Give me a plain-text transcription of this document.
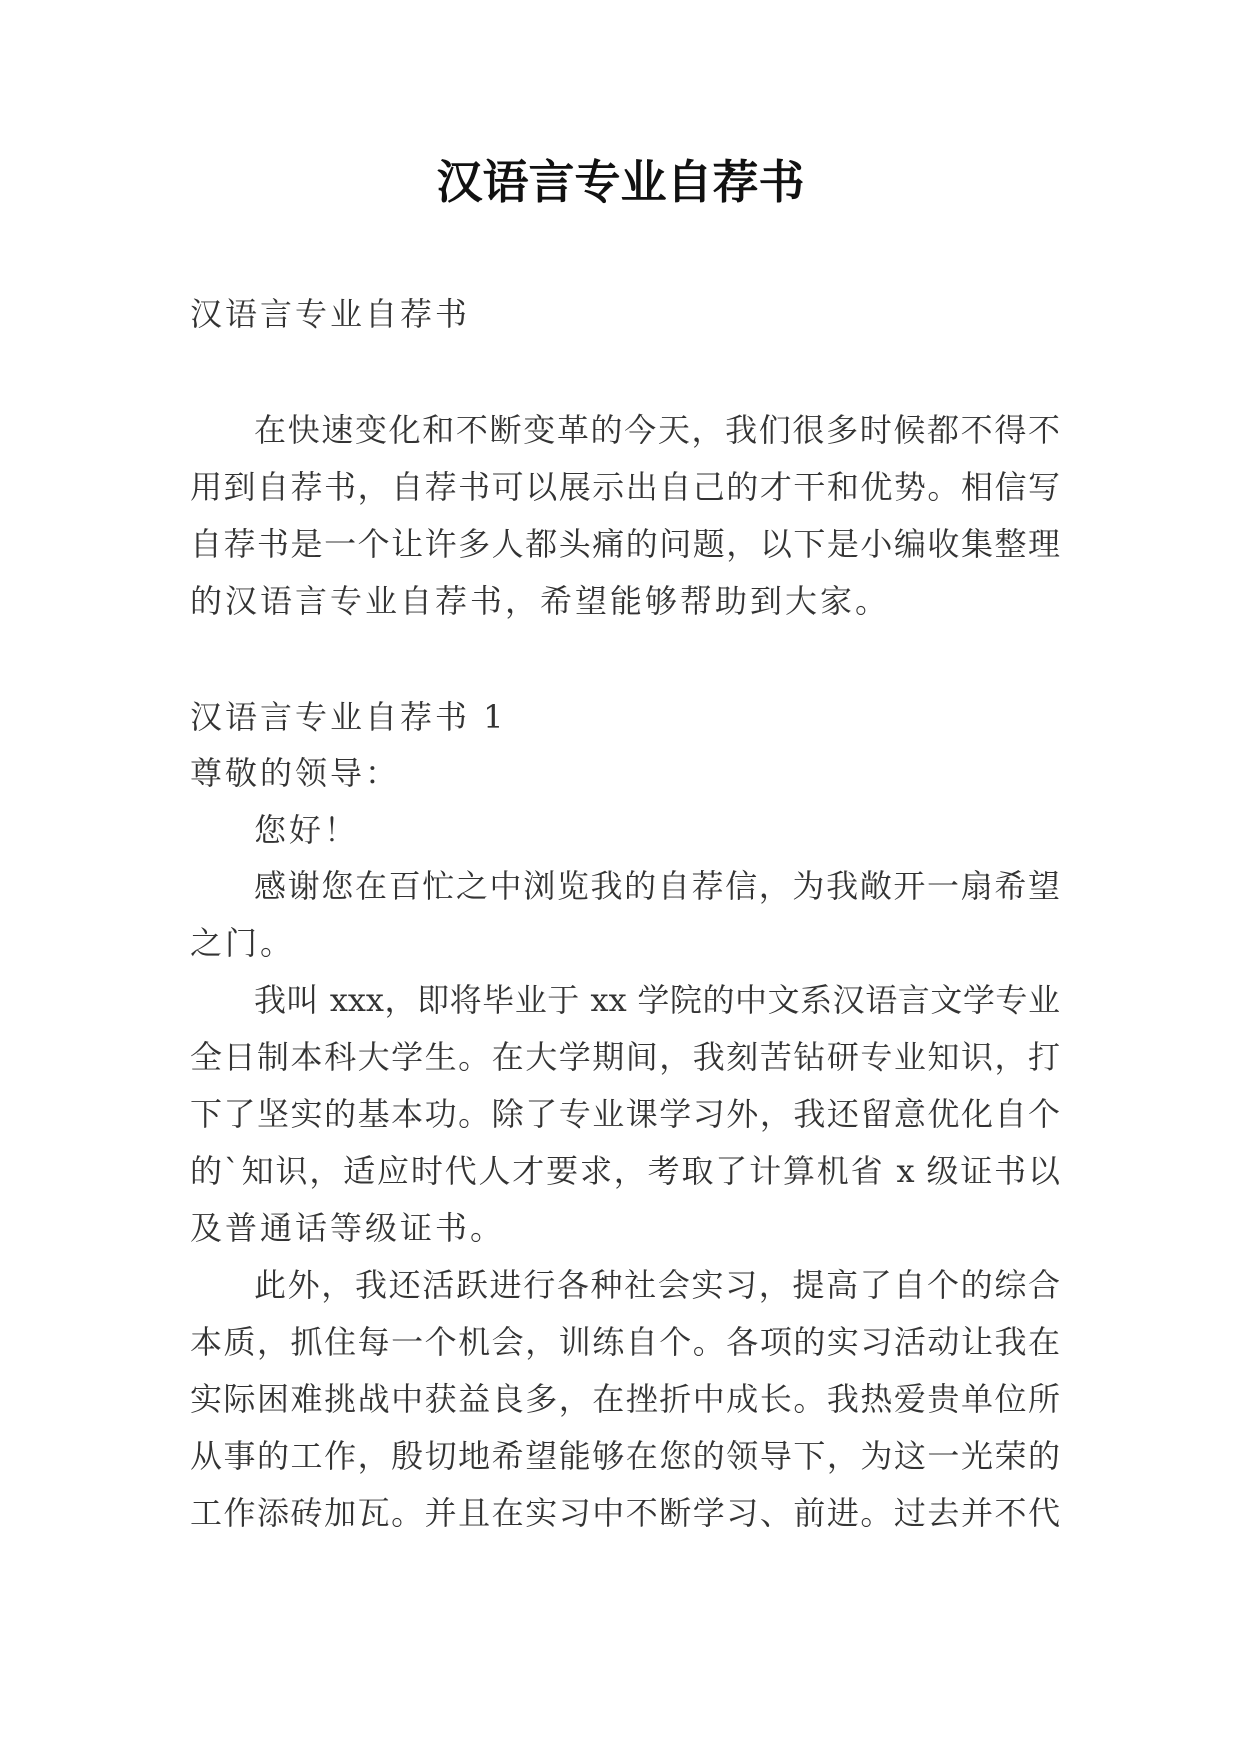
汉语言专业自荐书
汉语言专业自荐书
在快速变化和不断变革的今天，我们很多时候都不得不
用到自荐书，自荐书可以展示出自己的才干和优势。相信写
自荐书是一个让许多人都头痛的问题，以下是小编收集整理
的汉语言专业自荐书，希望能够帮助到大家。
汉语言专业自荐书 1
尊敬的领导：
您好！
感谢您在百忙之中浏览我的自荐信，为我敞开一扇希望
之门。
我叫 xxx，即将毕业于 xx 学院的中文系汉语言文学专业
全日制本科大学生。在大学期间，我刻苦钻研专业知识，打
下了坚实的基本功。除了专业课学习外，我还留意优化自个
的`知识，适应时代人才要求，考取了计算机省 x 级证书以
及普通话等级证书。
此外，我还活跃进行各种社会实习，提高了自个的综合
本质，抓住每一个机会，训练自个。各项的实习活动让我在
实际困难挑战中获益良多，在挫折中成长。我热爱贵单位所
从事的工作，殷切地希望能够在您的领导下，为这一光荣的
工作添砖加瓦。并且在实习中不断学习、前进。过去并不代
